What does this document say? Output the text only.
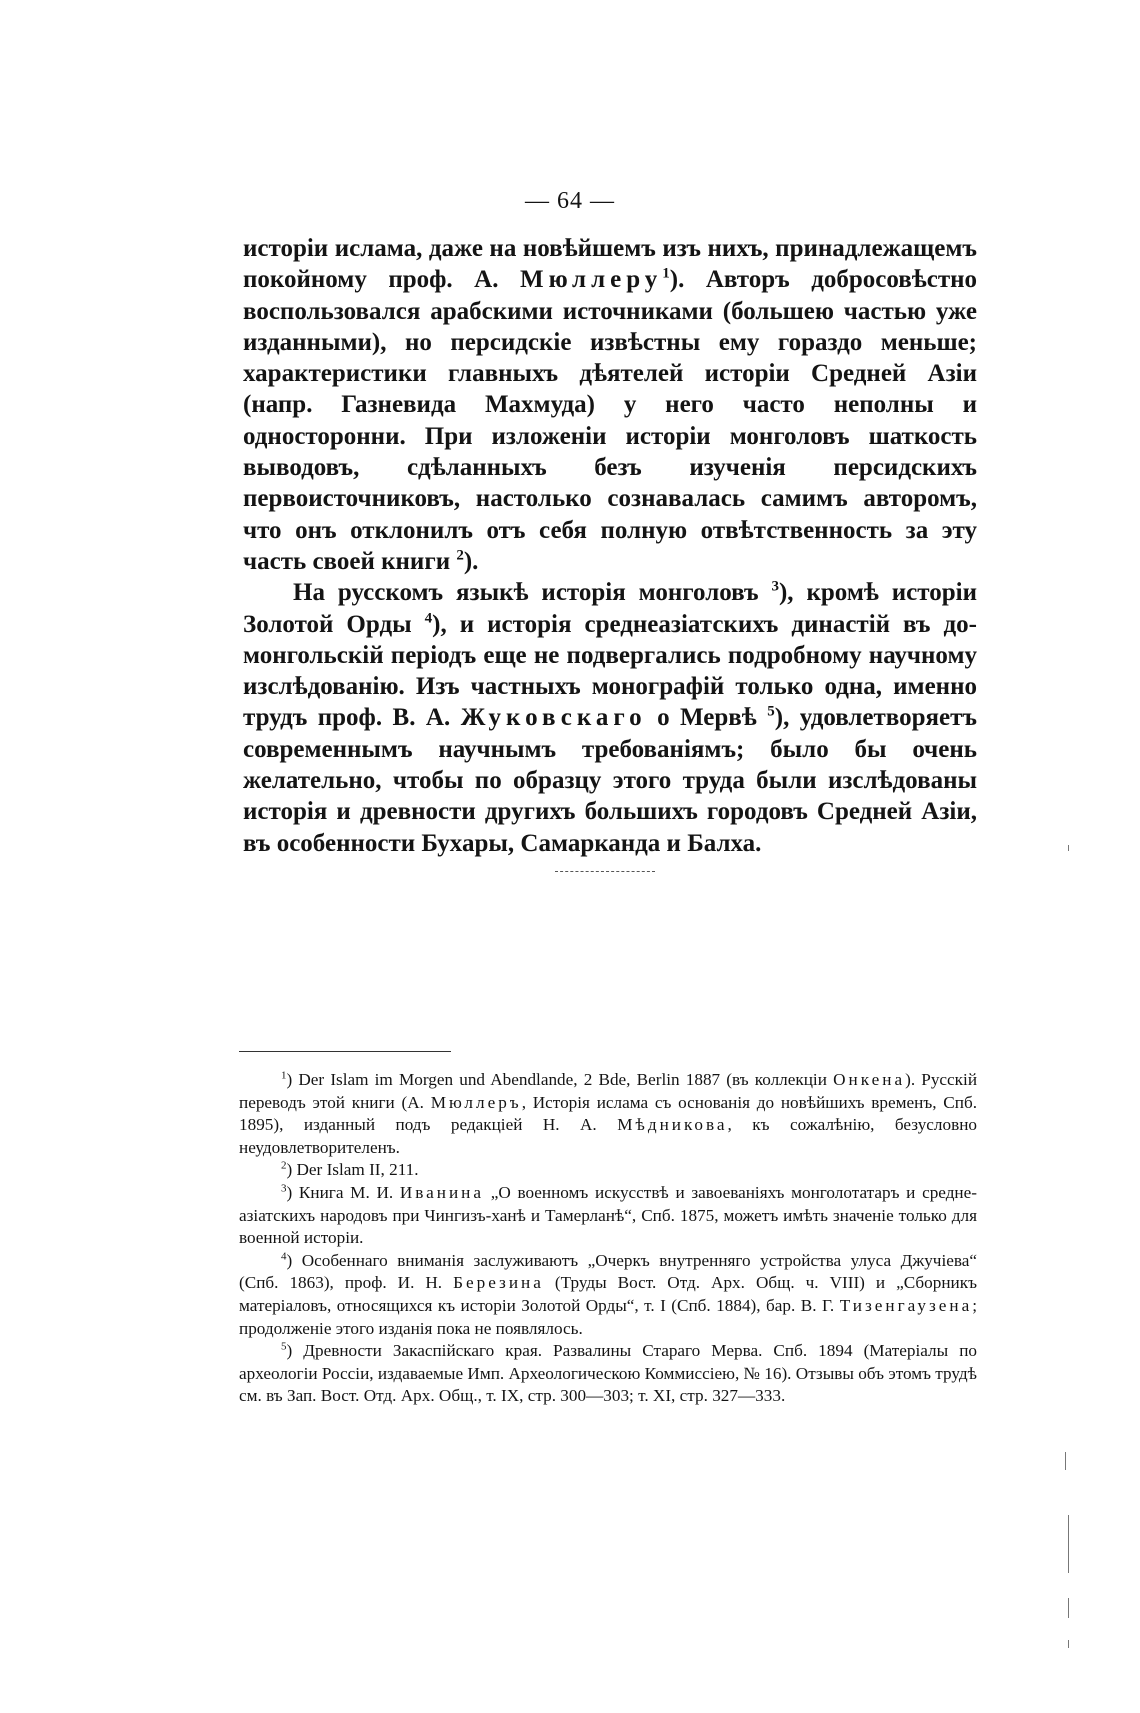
— 64 —

исторіи ислама, даже на новѣйшемъ изъ нихъ, принадлежащемъ покойному проф. А. Мюллеру$^1$). Авторъ добросовѣстно воспользовался арабскими источниками (большею частью уже изданными), но персидскіе извѣстны ему гораздо меньше; характеристики главныхъ дѣятелей исторіи Средней Азіи (напр. Газневида Махмуда) у него часто неполны и односторонни. При изложеніи исторіи монголовъ шаткость выводовъ, сдѣланныхъ безъ изученія персидскихъ первоисточниковъ, настолько сознавалась самимъ авторомъ, что онъ отклонилъ отъ себя полную отвѣтственность за эту часть своей книги $^2$).

На русскомъ языкѣ исторія монголовъ $^3$), кромѣ исторіи Золотой Орды $^4$), и исторія среднеазіатскихъ династій въ до-монгольскій періодъ еще не подвергались подробному научному изслѣдованію. Изъ частныхъ монографій только одна, именно трудъ проф. В. А. Жуковскаго о Мервѣ $^5$), удовлетворяетъ современнымъ научнымъ требованіямъ; было бы очень желательно, чтобы по образцу этого труда были изслѣдованы исторія и древности другихъ большихъ городовъ Средней Азіи, въ особенности Бухары, Самарканда и Балха.

$^1$) Der Islam im Morgen und Abendlande, 2 Bde, Berlin 1887 (въ коллекціи Онкена). Русскій переводъ этой книги (А. Мюллеръ, Исторія ислама съ основанія до новѣйшихъ временъ, Спб. 1895), изданный подъ редакціей Н. А. Мѣдникова, къ сожалѣнію, безусловно неудовлетворителенъ.

$^2$) Der Islam II, 211.

$^3$) Книга М. И. Иванина „О военномъ искусствѣ и завоеваніяхъ монголотатаръ и средне-азіатскихъ народовъ при Чингизъ-ханѣ и Тамерланѣ“, Спб. 1875, можетъ имѣть значеніе только для военной исторіи.

$^4$) Особеннаго вниманія заслуживаютъ „Очеркъ внутренняго устройства улуса Джучіева“ (Спб. 1863), проф. И. Н. Березина (Труды Вост. Отд. Арх. Общ. ч. VIII) и „Сборникъ матеріаловъ, относящихся къ исторіи Золотой Орды“, т. I (Спб. 1884), бар. В. Г. Тизенгаузена; продолженіе этого изданія пока не появлялось.

$^5$) Древности Закаспійскаго края. Развалины Стараго Мерва. Спб. 1894 (Матеріалы по археологіи Россіи, издаваемые Имп. Археологическою Коммиссіею, № 16). Отзывы объ этомъ трудѣ см. въ Зап. Вост. Отд. Арх. Общ., т. IX, стр. 300—303; т. XI, стр. 327—333.
